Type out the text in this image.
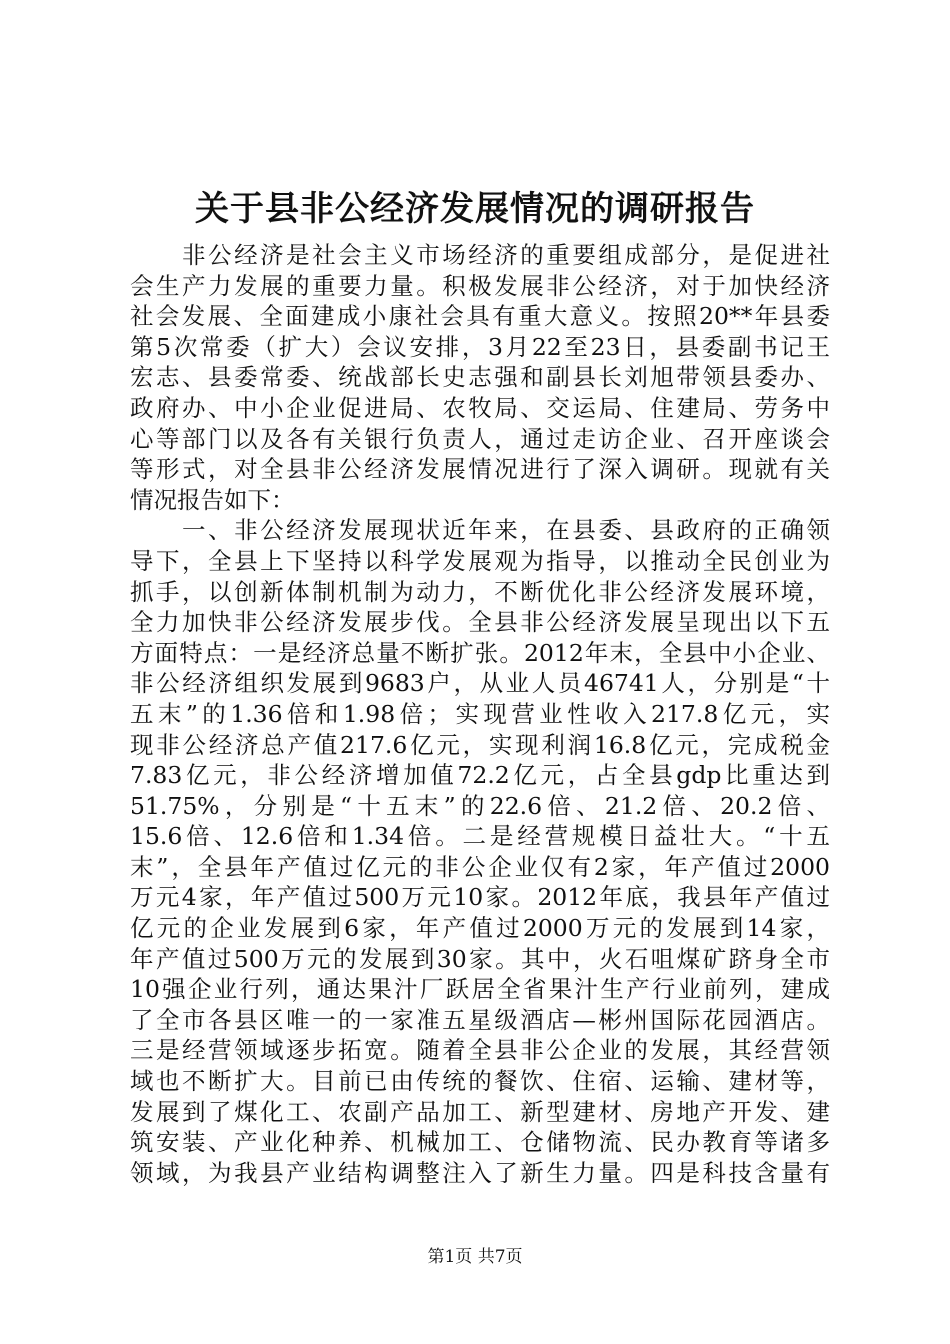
关于县非公经济发展情况的调研报告
　　非公经济是社会主义市场经济的重要组成部分，是促进社
会生产力发展的重要力量。积极发展非公经济，对于加快经济
社会发展、全面建成小康社会具有重大意义。按照20**年县委
第5次常委（扩大）会议安排，3月22至23日，县委副书记王
宏志、县委常委、统战部长史志强和副县长刘旭带领县委办、
政府办、中小企业促进局、农牧局、交运局、住建局、劳务中
心等部门以及各有关银行负责人，通过走访企业、召开座谈会
等形式，对全县非公经济发展情况进行了深入调研。现就有关
情况报告如下：
　　一、非公经济发展现状近年来，在县委、县政府的正确领
导下，全县上下坚持以科学发展观为指导，以推动全民创业为
抓手，以创新体制机制为动力，不断优化非公经济发展环境，
全力加快非公经济发展步伐。全县非公经济发展呈现出以下五
方面特点：一是经济总量不断扩张。2012年末，全县中小企业、
非公经济组织发展到9683户，从业人员46741人，分别是“十
五末”的1.36倍和1.98倍；实现营业性收入217.8亿元，实
现非公经济总产值217.6亿元，实现利润16.8亿元，完成税金
7.83亿元，非公经济增加值72.2亿元，占全县gdp比重达到
51.75%，分别是“十五末”的22.6倍、21.2倍、20.2倍、
15.6倍、12.6倍和1.34倍。二是经营规模日益壮大。“十五
末”，全县年产值过亿元的非公企业仅有2家，年产值过2000
万元4家，年产值过500万元10家。2012年底，我县年产值过
亿元的企业发展到6家，年产值过2000万元的发展到14家，
年产值过500万元的发展到30家。其中，火石咀煤矿跻身全市
10强企业行列，通达果汁厂跃居全省果汁生产行业前列，建成
了全市各县区唯一的一家准五星级酒店—彬州国际花园酒店。
三是经营领域逐步拓宽。随着全县非公企业的发展，其经营领
域也不断扩大。目前已由传统的餐饮、住宿、运输、建材等，
发展到了煤化工、农副产品加工、新型建材、房地产开发、建
筑安装、产业化种养、机械加工、仓储物流、民办教育等诸多
领域，为我县产业结构调整注入了新生力量。四是科技含量有
第1页 共7页
